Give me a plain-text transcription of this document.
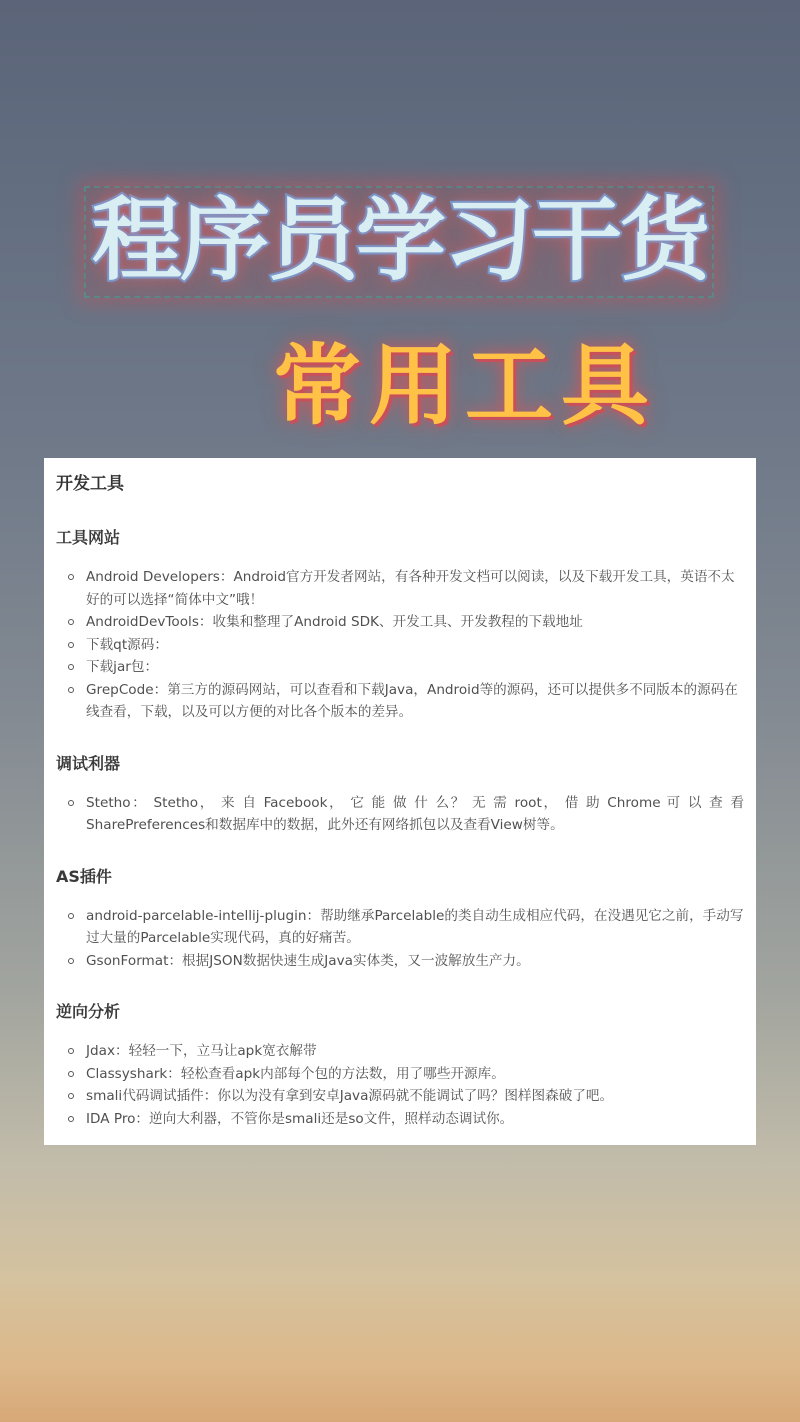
程序员学习干货
常用工具
开发工具
工具网站
Android Developers：Android官方开发者网站，有各种开发文档可以阅读，以及下载开发工具，英语不太好的可以选择“简体中文”哦！
AndroidDevTools：收集和整理了Android SDK、开发工具、开发教程的下载地址
下载qt源码：
下载jar包：
GrepCode：第三方的源码网站，可以查看和下载Java，Android等的源码，还可以提供多不同版本的源码在线查看，下载，以及可以方便的对比各个版本的差异。
调试利器
Stetho： Stetho， 来 自 Facebook， 它 能 做 什 么？ 无 需 root， 借 助 Chrome 可 以 查 看 SharePreferences和数据库中的数据，此外还有网络抓包以及查看View树等。
AS插件
android-parcelable-intellij-plugin：帮助继承Parcelable的类自动生成相应代码，在没遇见它之前，手动写过大量的Parcelable实现代码，真的好痛苦。
GsonFormat：根据JSON数据快速生成Java实体类，又一波解放生产力。
逆向分析
Jdax：轻轻一下，立马让apk宽衣解带
Classyshark：轻松查看apk内部每个包的方法数，用了哪些开源库。
smali代码调试插件：你以为没有拿到安卓Java源码就不能调试了吗？图样图森破了吧。
IDA Pro：逆向大利器，不管你是smali还是so文件，照样动态调试你。
